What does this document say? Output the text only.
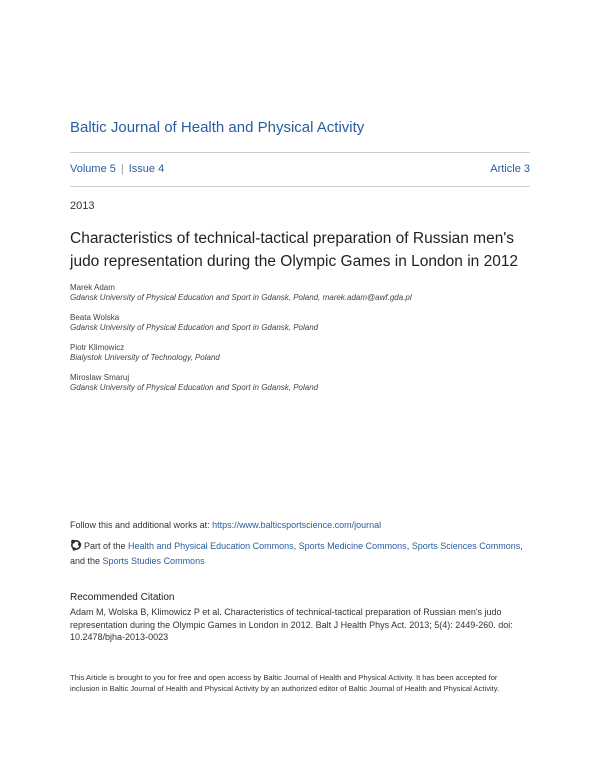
Baltic Journal of Health and Physical Activity
Volume 5 | Issue 4	Article 3
2013
Characteristics of technical-tactical preparation of Russian men's judo representation during the Olympic Games in London in 2012
Marek Adam
Gdansk University of Physical Education and Sport in Gdansk, Poland, marek.adam@awf.gda.pl
Beata Wolska
Gdansk University of Physical Education and Sport in Gdansk, Poland
Piotr Klimowicz
Bialystok University of Technology, Poland
Miroslaw Smaruj
Gdansk University of Physical Education and Sport in Gdansk, Poland
Follow this and additional works at: https://www.balticsportscience.com/journal
Part of the Health and Physical Education Commons, Sports Medicine Commons, Sports Sciences Commons, and the Sports Studies Commons
Recommended Citation
Adam M, Wolska B, Klimowicz P et al. Characteristics of technical-tactical preparation of Russian men's judo representation during the Olympic Games in London in 2012. Balt J Health Phys Act. 2013; 5(4): 2449-260. doi: 10.2478/bjha-2013-0023
This Article is brought to you for free and open access by Baltic Journal of Health and Physical Activity. It has been accepted for inclusion in Baltic Journal of Health and Physical Activity by an authorized editor of Baltic Journal of Health and Physical Activity.
